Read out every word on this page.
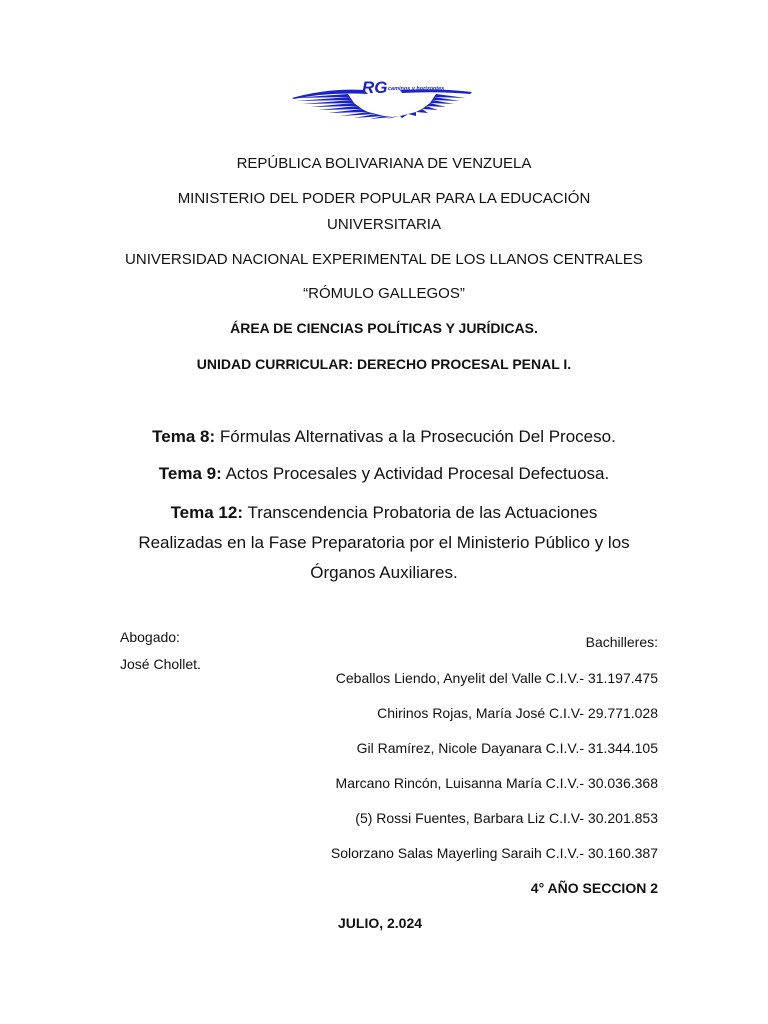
RG caminos y horizontes
REPÚBLICA BOLIVARIANA DE VENZUELA
MINISTERIO DEL PODER POPULAR PARA LA EDUCACIÓN
UNIVERSITARIA
UNIVERSIDAD NACIONAL EXPERIMENTAL DE LOS LLANOS CENTRALES
“RÓMULO GALLEGOS”
ÁREA DE CIENCIAS POLÍTICAS Y JURÍDICAS.
UNIDAD CURRICULAR: DERECHO PROCESAL PENAL I.
Tema 8: Fórmulas Alternativas a la Prosecución Del Proceso.
Tema 9: Actos Procesales y Actividad Procesal Defectuosa.
Tema 12: Transcendencia Probatoria de las Actuaciones
Realizadas en la Fase Preparatoria por el Ministerio Público y los
Órganos Auxiliares.
Abogado:
José Chollet.
Bachilleres:
Ceballos Liendo, Anyelit del Valle C.I.V.- 31.197.475
Chirinos Rojas, María José C.I.V- 29.771.028
Gil Ramírez, Nicole Dayanara C.I.V.- 31.344.105
Marcano Rincón, Luisanna María C.I.V.- 30.036.368
(5) Rossi Fuentes, Barbara Liz C.I.V- 30.201.853
Solorzano Salas Mayerling Saraih C.I.V.- 30.160.387
4° AÑO SECCION 2
JULIO, 2.024
